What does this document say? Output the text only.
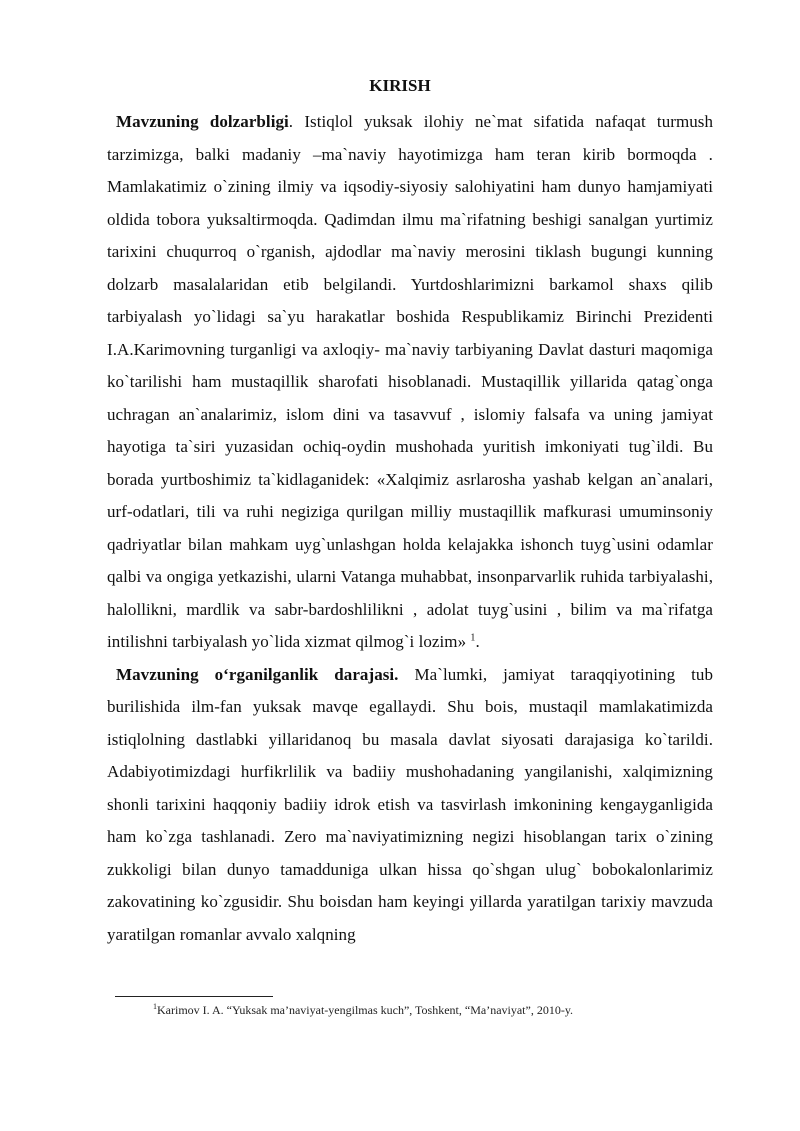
KIRISH

Mavzuning dolzarbligi. Istiqlol yuksak ilohiy ne`mat sifatida nafaqat turmush tarzimizga, balki madaniy –ma`naviy hayotimizga ham teran kirib bormoqda . Mamlakatimiz o`zining ilmiy va iqsodiy-siyosiy salohiyatini ham dunyo hamjamiyati oldida tobora yuksaltirmoqda. Qadimdan ilmu ma`rifatning beshigi sanalgan yurtimiz tarixini chuqurroq o`rganish, ajdodlar ma`naviy merosini tiklash bugungi kunning dolzarb masalalaridan etib belgilandi. Yurtdoshlarimizni barkamol shaxs qilib tarbiyalash yo`lidagi sa`yu harakatlar boshida Respublikamiz Birinchi Prezidenti I.A.Karimovning turganligi va axloqiy- ma`naviy tarbiyaning Davlat dasturi maqomiga ko`tarilishi ham mustaqillik sharofati hisoblanadi. Mustaqillik yillarida qatag`onga uchragan an`analarimiz, islom dini va tasavvuf , islomiy falsafa va uning jamiyat hayotiga ta`siri yuzasidan ochiq-oydin mushohada yuritish imkoniyati tug`ildi. Bu borada yurtboshimiz ta`kidlaganidek: «Xalqimiz asrlarosha yashab kelgan an`analari, urf-odatlari, tili va ruhi negiziga qurilgan milliy mustaqillik mafkurasi umuminsoniy qadriyatlar bilan mahkam uyg`unlashgan holda kelajakka ishonch tuyg`usini odamlar qalbi va ongiga yetkazishi, ularni Vatanga muhabbat, insonparvarlik ruhida tarbiyalashi, halollikni, mardlik va sabr-bardoshlilikni , adolat tuyg`usini , bilim va ma`rifatga intilishni tarbiyalash yo`lida xizmat qilmog`i lozim» $^1$.

Mavzuning o‘rganilganlik darajasi. Ma`lumki, jamiyat taraqqiyotining tub burilishida ilm-fan yuksak mavqe egallaydi. Shu bois, mustaqil mamlakatimizda istiqlolning dastlabki yillaridanoq bu masala davlat siyosati darajasiga ko`tarildi. Adabiyotimizdagi hurfikrlilik va badiiy mushohadaning yangilanishi, xalqimizning shonli tarixini haqqoniy badiiy idrok etish va tasvirlash imkonining kengayganligida ham ko`zga tashlanadi. Zero ma`naviyatimizning negizi hisoblangan tarix o`zining zukkoligi bilan dunyo tamadduniga ulkan hissa qo`shgan ulug` bobokalonlarimiz zakovatining ko`zgusidir. Shu boisdan ham keyingi yillarda yaratilgan tarixiy mavzuda yaratilgan romanlar avvalo xalqning

$^1$Karimov I. A. “Yuksak ma’naviyat-yengilmas kuch”, Toshkent, “Ma’naviyat”, 2010-y.
